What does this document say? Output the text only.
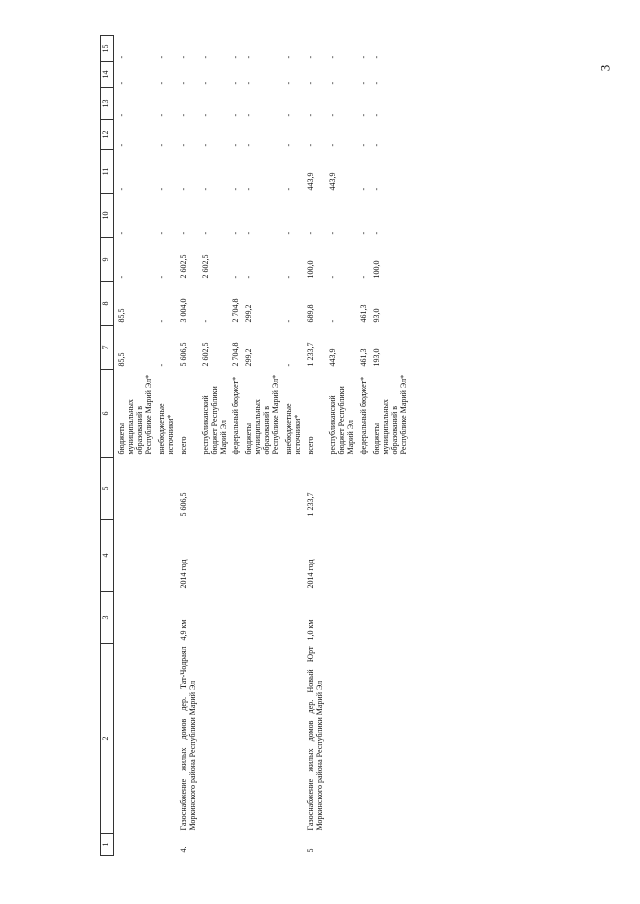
3
1	2	3	4	5	6	7	8	9	10	11	12	13	14	15

					бюджеты муниципальных образований в Республике Марий Эл*	85,5	85,5	-	-	-	-	-	-	-
					внебюджетные источники*	-	-	-	-	-	-	-	-	-
4.	Газоснабжение жилых домов дер. Тат-Чодраял Моркинского района Республики Марий Эл	4,9 км	2014 год	5 606,5	всего	5 606,5	3 004,0	2 602,5	-	-	-	-	-	-
					республиканский бюджет Республики Марий Эл	2 602,5	-	2 602,5	-	-	-	-	-	-
					федеральный бюджет*	2 704,8	2 704,8	-	-	-	-	-	-	-
					бюджеты муниципальных образований в Республике Марий Эл*	299,2	299,2	-	-	-	-	-	-	-
					внебюджетные источники*	-	-	-	-	-	-	-	-	-
5	Газоснабжение жилых домов дер. Новый Юрт Моркинского района Республики Марий Эл	1,0 км	2014 год	1 233,7	всего	1 233,7	689,8	100,0	-	443,9	-	-	-	-
					республиканский бюджет Республики Марий Эл	443,9	-	-	-	443,9	-	-	-	-
					федеральный бюджет*	461,3	461,3	-	-	-	-	-	-	-
					бюджеты муниципальных образований в Республике Марий Эл*	193,0	93,0	100,0	-	-	-	-	-	-
